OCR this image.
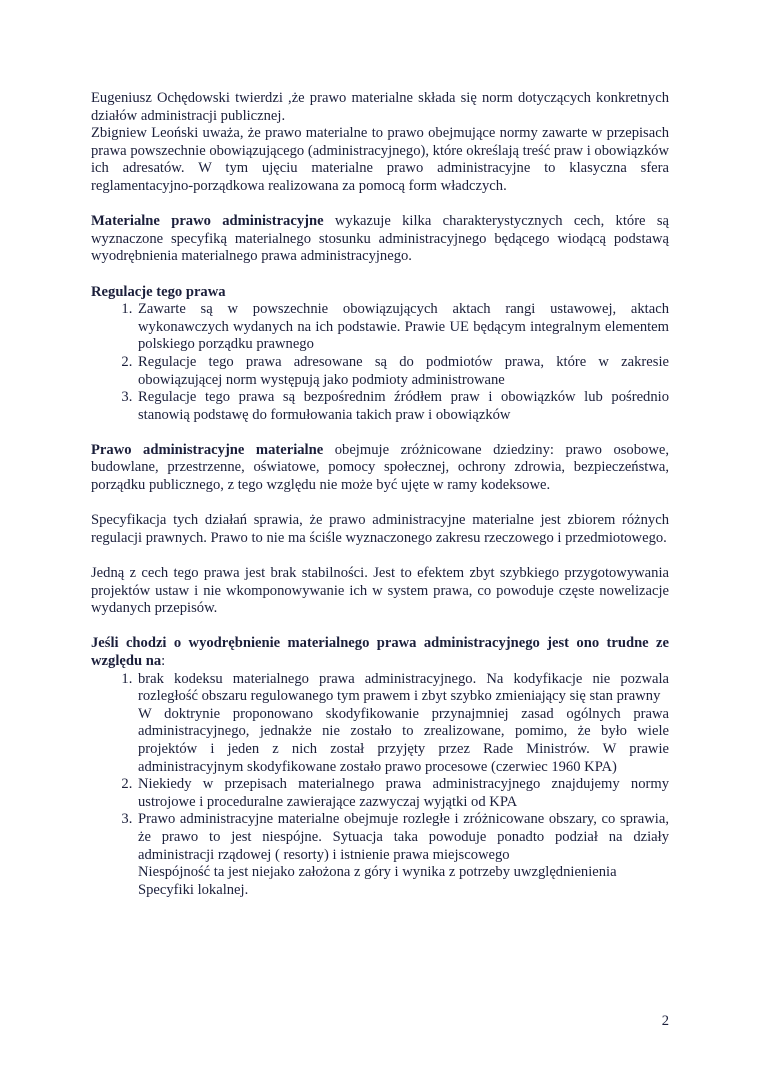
Eugeniusz Ochędowski twierdzi ,że prawo materialne składa się norm dotyczących konkretnych działów administracji publicznej.

Zbigniew Leoński uważa, że prawo materialne to prawo obejmujące normy zawarte w przepisach prawa powszechnie obowiązującego (administracyjnego), które określają treść praw i obowiązków ich adresatów. W tym ujęciu materialne prawo administracyjne to klasyczna sfera reglamentacyjno-porządkowa realizowana za pomocą form władczych.

Materialne prawo administracyjne wykazuje kilka charakterystycznych cech, które są wyznaczone specyfiką materialnego stosunku administracyjnego będącego wiodącą podstawą wyodrębnienia materialnego prawa administracyjnego.

Regulacje tego prawa

1. Zawarte są w powszechnie obowiązujących aktach rangi ustawowej, aktach wykonawczych wydanych na ich podstawie. Prawie UE będącym integralnym elementem polskiego porządku prawnego
2. Regulacje tego prawa adresowane są do podmiotów prawa, które w zakresie obowiązującej norm występują jako podmioty administrowane
3. Regulacje tego prawa są bezpośrednim źródłem praw i obowiązków lub pośrednio stanowią podstawę do formułowania takich praw i obowiązków

Prawo administracyjne materialne obejmuje zróżnicowane dziedziny: prawo osobowe, budowlane, przestrzenne, oświatowe, pomocy społecznej, ochrony zdrowia, bezpieczeństwa, porządku publicznego, z tego względu nie może być ujęte w ramy kodeksowe.

Specyfikacja tych działań sprawia, że prawo administracyjne materialne jest zbiorem różnych regulacji prawnych. Prawo to nie ma ściśle wyznaczonego zakresu rzeczowego i przedmiotowego.

Jedną z cech tego prawa jest brak stabilności. Jest to efektem zbyt szybkiego przygotowywania projektów ustaw i nie wkomponowywanie ich w system prawa, co powoduje częste nowelizacje wydanych przepisów.

Jeśli chodzi o wyodrębnienie materialnego prawa administracyjnego jest ono trudne ze względu na:

1. brak kodeksu materialnego prawa administracyjnego. Na kodyfikacje nie pozwala rozległość obszaru regulowanego tym prawem i zbyt szybko zmieniający się stan prawny
W doktrynie proponowano skodyfikowanie przynajmniej zasad ogólnych prawa administracyjnego, jednakże nie zostało to zrealizowane, pomimo, że było wiele projektów i jeden z nich został przyjęty przez Rade Ministrów. W prawie administracyjnym skodyfikowane zostało prawo procesowe (czerwiec 1960 KPA)
2. Niekiedy w przepisach materialnego prawa administracyjnego znajdujemy normy ustrojowe i proceduralne zawierające zazwyczaj wyjątki od KPA
3. Prawo administracyjne materialne obejmuje rozległe i zróżnicowane obszary, co sprawia, że prawo to jest niespójne. Sytuacja taka powoduje ponadto podział na działy administracji rządowej ( resorty) i istnienie prawa miejscowego
Niespójność ta jest niejako założona z góry i wynika z potrzeby uwzględnienienia
Specyfiki lokalnej.
2
